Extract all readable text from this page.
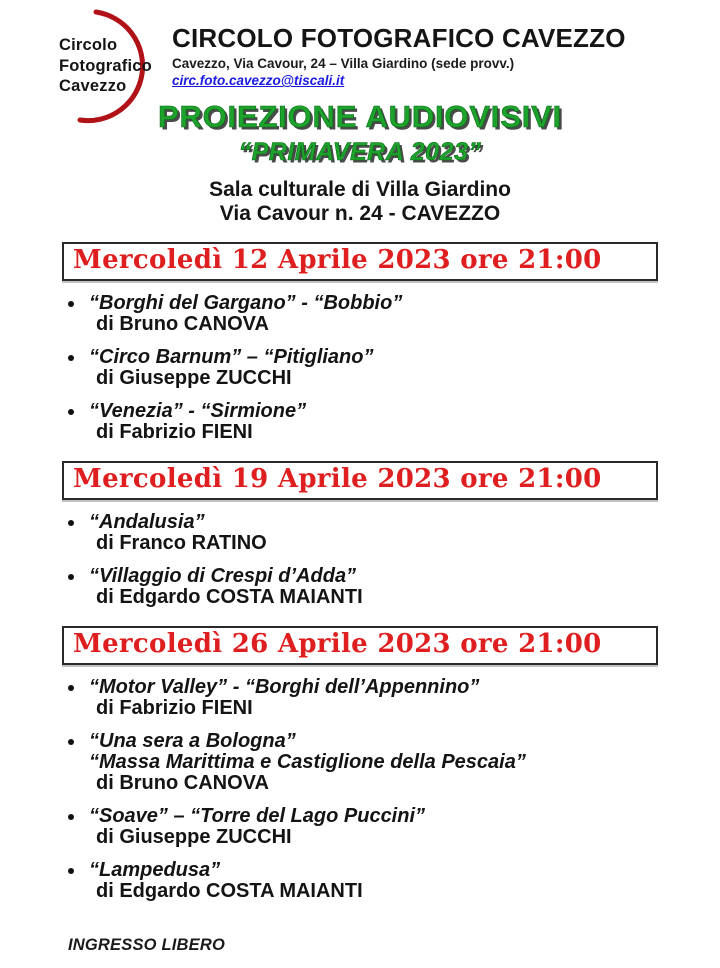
Circolo
Fotografico
Cavezzo
CIRCOLO FOTOGRAFICO CAVEZZO
Cavezzo, Via Cavour, 24 – Villa Giardino (sede provv.)
circ.foto.cavezzo@tiscali.it
PROIEZIONE AUDIOVISIVI
“PRIMAVERA 2023”
Sala culturale di Villa Giardino
Via Cavour n. 24 - CAVEZZO
Mercoledì 12 Aprile 2023 ore 21:00
“Borghi del Gargano” - “Bobbio”
di Bruno CANOVA
“Circo Barnum” – “Pitigliano”
di Giuseppe ZUCCHI
“Venezia” - “Sirmione”
di Fabrizio FIENI
Mercoledì 19 Aprile 2023 ore 21:00
“Andalusia”
di Franco RATINO
“Villaggio di Crespi d’Adda”
di Edgardo COSTA MAIANTI
Mercoledì 26 Aprile 2023 ore 21:00
“Motor Valley” - “Borghi dell’Appennino”
di Fabrizio FIENI
“Una sera a Bologna”
“Massa Marittima e Castiglione della Pescaia”
di Bruno CANOVA
“Soave” – “Torre del Lago Puccini”
di Giuseppe ZUCCHI
“Lampedusa”
di Edgardo COSTA MAIANTI
INGRESSO LIBERO
